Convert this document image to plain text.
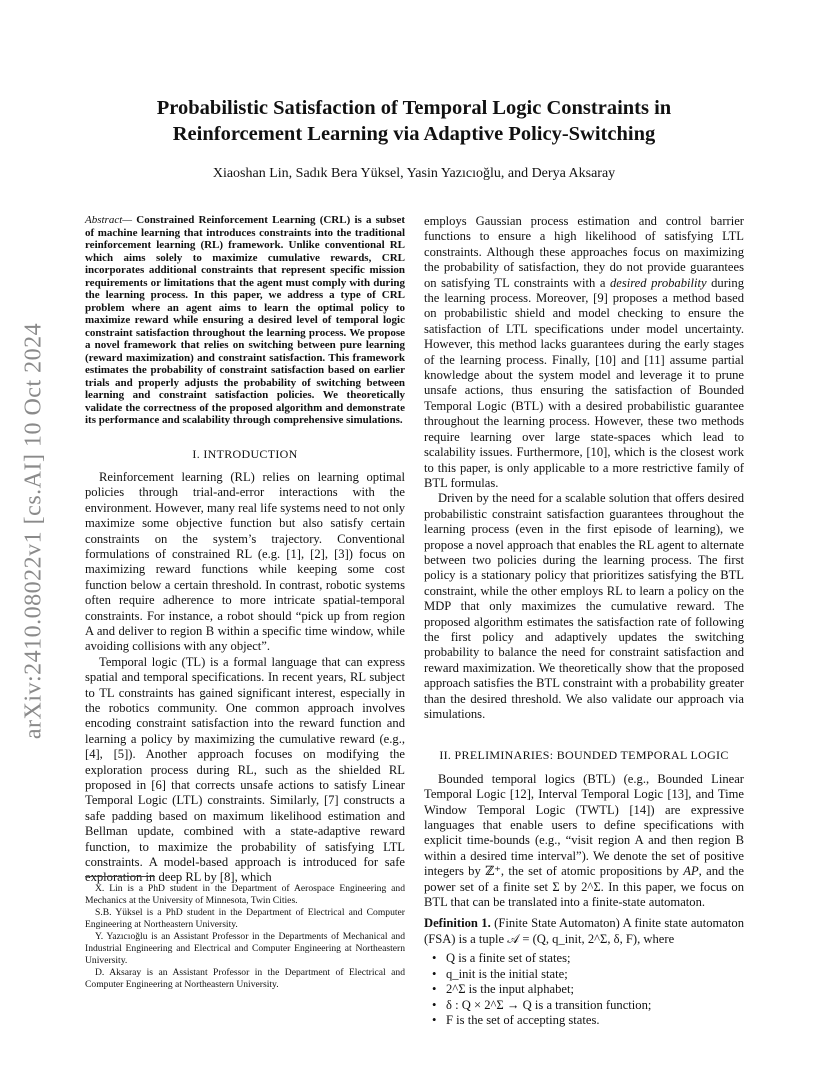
arXiv:2410.08022v1 [cs.AI] 10 Oct 2024
Probabilistic Satisfaction of Temporal Logic Constraints in
Reinforcement Learning via Adaptive Policy-Switching
Xiaoshan Lin, Sadık Bera Yüksel, Yasin Yazıcıoğlu, and Derya Aksaray

Abstract— Constrained Reinforcement Learning (CRL) is a subset of machine learning that introduces constraints into the traditional reinforcement learning (RL) framework. Unlike conventional RL which aims solely to maximize cumulative rewards, CRL incorporates additional constraints that represent specific mission requirements or limitations that the agent must comply with during the learning process. In this paper, we address a type of CRL problem where an agent aims to learn the optimal policy to maximize reward while ensuring a desired level of temporal logic constraint satisfaction throughout the learning process. We propose a novel framework that relies on switching between pure learning (reward maximization) and constraint satisfaction. This framework estimates the probability of constraint satisfaction based on earlier trials and properly adjusts the probability of switching between learning and constraint satisfaction policies. We theoretically validate the correctness of the proposed algorithm and demonstrate its performance and scalability through comprehensive simulations.

I. INTRODUCTION

Reinforcement learning (RL) relies on learning optimal policies through trial-and-error interactions with the environment. However, many real life systems need to not only maximize some objective function but also satisfy certain constraints on the system’s trajectory. Conventional formulations of constrained RL (e.g. [1], [2], [3]) focus on maximizing reward functions while keeping some cost function below a certain threshold. In contrast, robotic systems often require adherence to more intricate spatial-temporal constraints. For instance, a robot should “pick up from region A and deliver to region B within a specific time window, while avoiding collisions with any object”.

Temporal logic (TL) is a formal language that can express spatial and temporal specifications. In recent years, RL subject to TL constraints has gained significant interest, especially in the robotics community. One common approach involves encoding constraint satisfaction into the reward function and learning a policy by maximizing the cumulative reward (e.g., [4], [5]). Another approach focuses on modifying the exploration process during RL, such as the shielded RL proposed in [6] that corrects unsafe actions to satisfy Linear Temporal Logic (LTL) constraints. Similarly, [7] constructs a safe padding based on maximum likelihood estimation and Bellman update, combined with a state-adaptive reward function, to maximize the probability of satisfying LTL constraints. A model-based approach is introduced for safe exploration in deep RL by [8], which

X. Lin is a PhD student in the Department of Aerospace Engineering and Mechanics at the University of Minnesota, Twin Cities.

S.B. Yüksel is a PhD student in the Department of Electrical and Computer Engineering at Northeastern University.

Y. Yazıcıoğlu is an Assistant Professor in the Departments of Mechanical and Industrial Engineering and Electrical and Computer Engineering at Northeastern University.

D. Aksaray is an Assistant Professor in the Department of Electrical and Computer Engineering at Northeastern University.

employs Gaussian process estimation and control barrier functions to ensure a high likelihood of satisfying LTL constraints. Although these approaches focus on maximizing the probability of satisfaction, they do not provide guarantees on satisfying TL constraints with a desired probability during the learning process. Moreover, [9] proposes a method based on probabilistic shield and model checking to ensure the satisfaction of LTL specifications under model uncertainty. However, this method lacks guarantees during the early stages of the learning process. Finally, [10] and [11] assume partial knowledge about the system model and leverage it to prune unsafe actions, thus ensuring the satisfaction of Bounded Temporal Logic (BTL) with a desired probabilistic guarantee throughout the learning process. However, these two methods require learning over large state-spaces which lead to scalability issues. Furthermore, [10], which is the closest work to this paper, is only applicable to a more restrictive family of BTL formulas.

Driven by the need for a scalable solution that offers desired probabilistic constraint satisfaction guarantees throughout the learning process (even in the first episode of learning), we propose a novel approach that enables the RL agent to alternate between two policies during the learning process. The first policy is a stationary policy that prioritizes satisfying the BTL constraint, while the other employs RL to learn a policy on the MDP that only maximizes the cumulative reward. The proposed algorithm estimates the satisfaction rate of following the first policy and adaptively updates the switching probability to balance the need for constraint satisfaction and reward maximization. We theoretically show that the proposed approach satisfies the BTL constraint with a probability greater than the desired threshold. We also validate our approach via simulations.

II. PRELIMINARIES: BOUNDED TEMPORAL LOGIC

Bounded temporal logics (BTL) (e.g., Bounded Linear Temporal Logic [12], Interval Temporal Logic [13], and Time Window Temporal Logic (TWTL) [14]) are expressive languages that enable users to define specifications with explicit time-bounds (e.g., “visit region A and then region B within a desired time interval”). We denote the set of positive integers by ℤ⁺, the set of atomic propositions by AP, and the power set of a finite set Σ by 2^Σ. In this paper, we focus on BTL that can be translated into a finite-state automaton.

Definition 1. (Finite State Automaton) A finite state automaton (FSA) is a tuple 𝒜 = (Q, q_init, 2^Σ, δ, F), where

• Q is a finite set of states;
• q_init is the initial state;
• 2^Σ is the input alphabet;
• δ : Q × 2^Σ → Q is a transition function;
• F is the set of accepting states.
